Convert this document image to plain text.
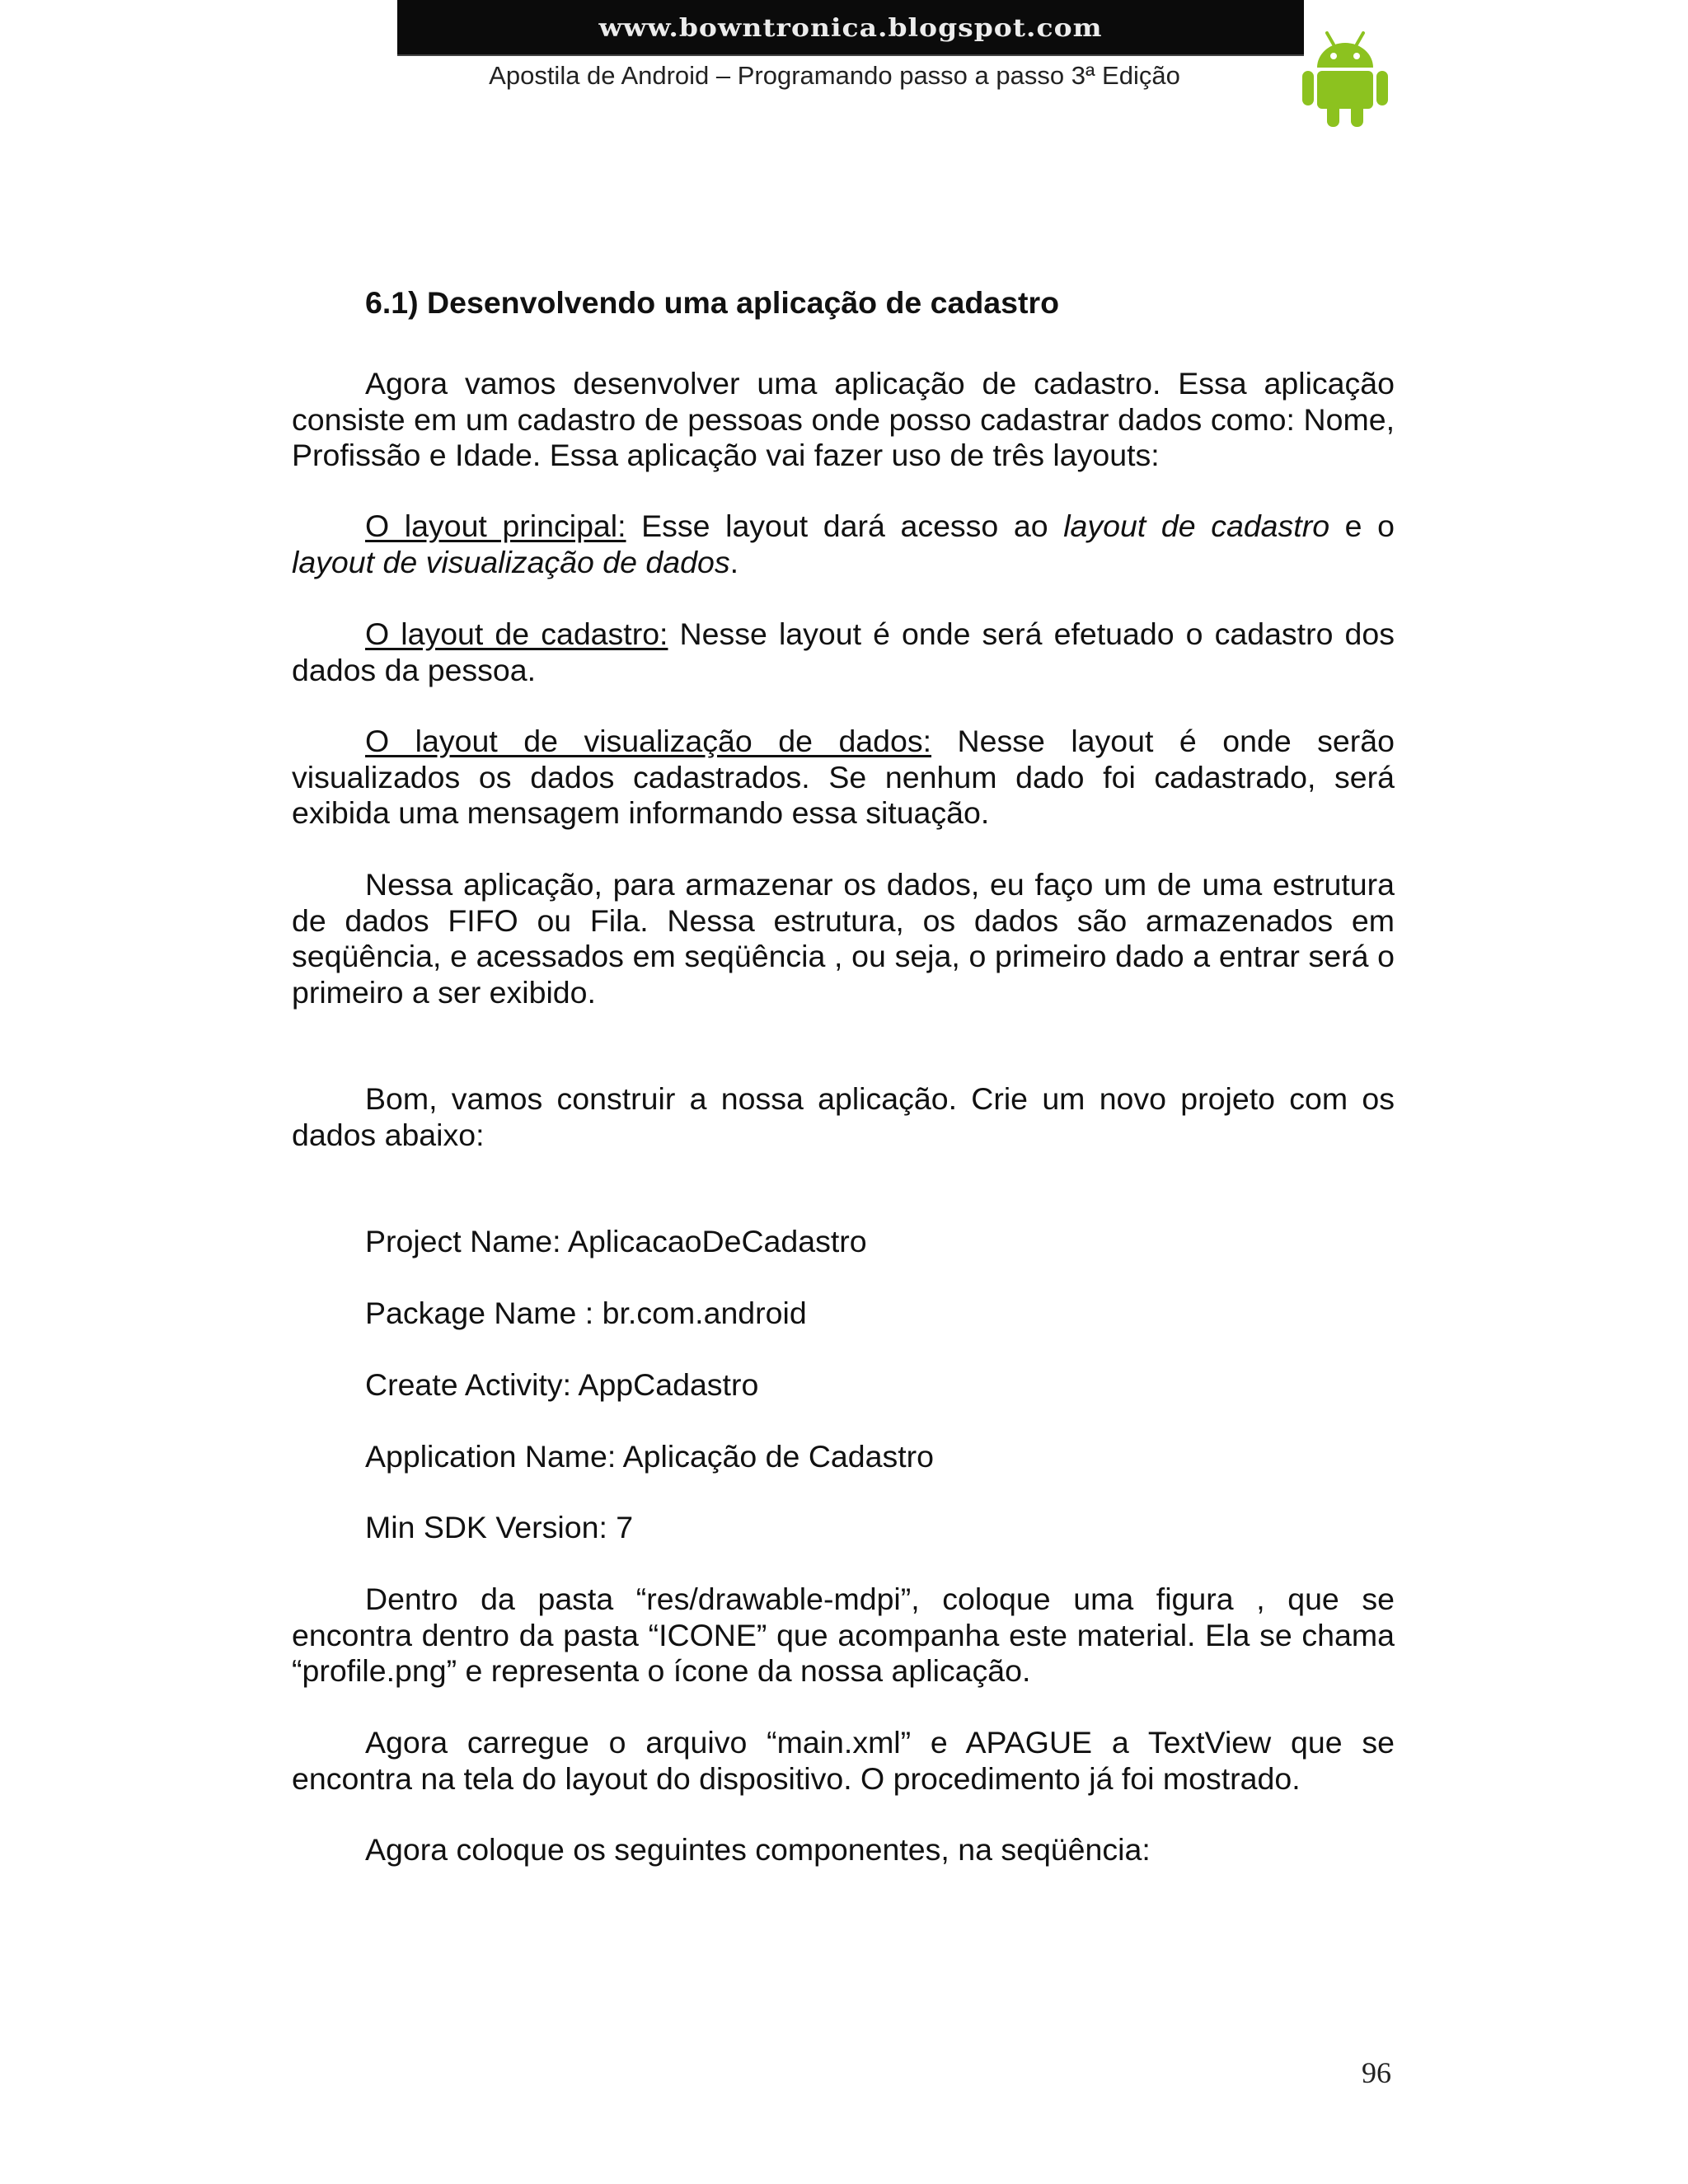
www.bowntronica.blogspot.com
Apostila de Android – Programando passo a passo 3ª Edição
6.1) Desenvolvendo uma aplicação de cadastro
Agora vamos desenvolver uma aplicação de cadastro. Essa aplicação consiste em um cadastro de pessoas onde posso cadastrar dados como: Nome, Profissão e Idade. Essa aplicação vai fazer uso de três layouts:
O layout principal: Esse layout dará acesso ao layout de cadastro e o layout de visualização de dados.
O layout de cadastro: Nesse layout é onde será efetuado o cadastro dos dados da pessoa.
O layout de visualização de dados: Nesse layout é onde serão visualizados os dados cadastrados. Se nenhum dado foi cadastrado, será exibida uma mensagem informando essa situação.
Nessa aplicação, para armazenar os dados, eu faço um de uma estrutura de dados FIFO ou Fila. Nessa estrutura, os dados são armazenados em seqüência, e acessados em seqüência , ou seja, o primeiro dado a entrar será o primeiro a ser exibido.
Bom, vamos construir a nossa aplicação. Crie um novo projeto com os dados abaixo:
Project Name: AplicacaoDeCadastro
Package Name : br.com.android
Create Activity: AppCadastro
Application Name: Aplicação de Cadastro
Min SDK Version: 7
Dentro da pasta “res/drawable-mdpi”, coloque uma figura , que se encontra dentro da pasta “ICONE” que acompanha este material. Ela se chama “profile.png” e representa o ícone da nossa aplicação.
Agora carregue o arquivo “main.xml” e APAGUE a TextView que se encontra na tela do layout do dispositivo. O procedimento já foi mostrado.
Agora coloque os seguintes componentes, na seqüência:
96
